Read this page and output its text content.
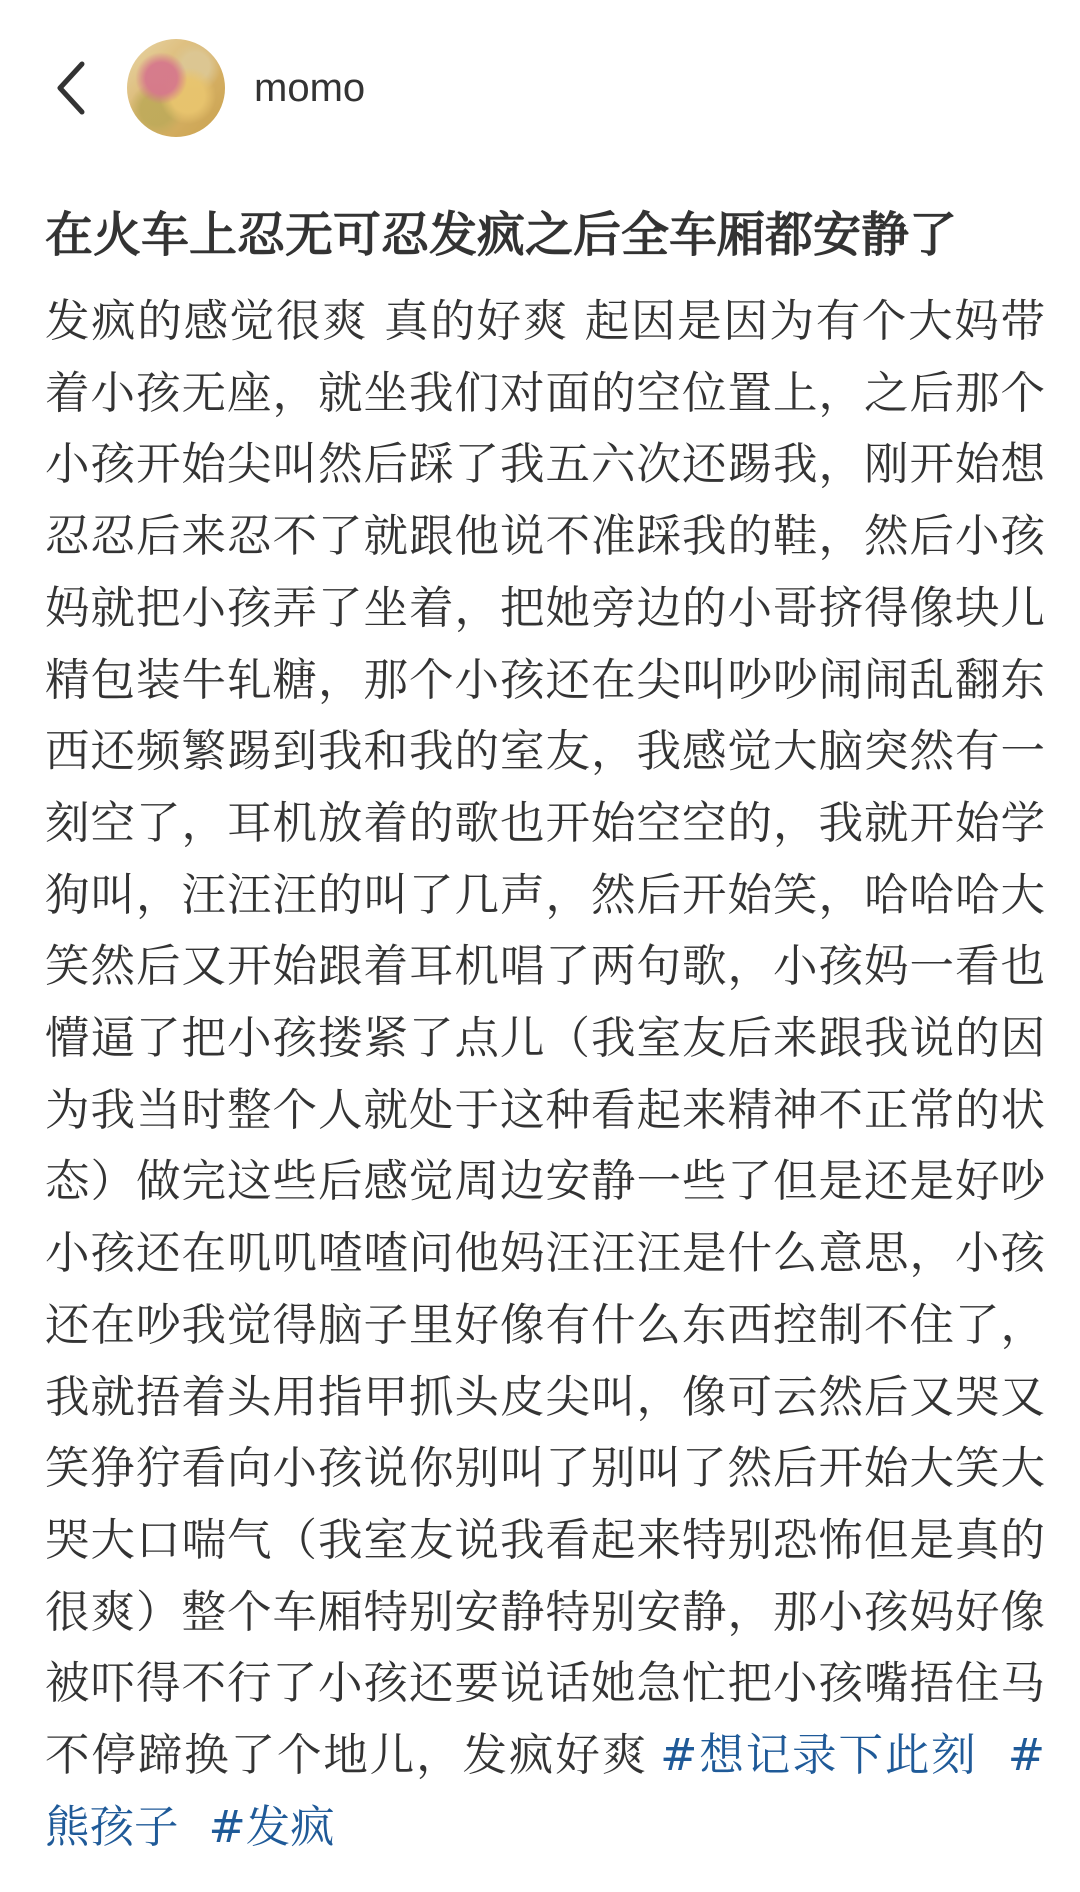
momo
在火车上忍无可忍发疯之后全车厢都安静了
发疯的感觉很爽 真的好爽 起因是因为有个大妈带着小孩无座，就坐我们对面的空位置上，之后那个小孩开始尖叫然后踩了我五六次还踢我，刚开始想忍忍后来忍不了就跟他说不准踩我的鞋，然后小孩妈就把小孩弄了坐着，把她旁边的小哥挤得像块儿精包装牛轧糖，那个小孩还在尖叫吵吵闹闹乱翻东西还频繁踢到我和我的室友，我感觉大脑突然有一刻空了，耳机放着的歌也开始空空的，我就开始学狗叫，汪汪汪的叫了几声，然后开始笑，哈哈哈大笑然后又开始跟着耳机唱了两句歌，小孩妈一看也懵逼了把小孩搂紧了点儿（我室友后来跟我说的因为我当时整个人就处于这种看起来精神不正常的状态）做完这些后感觉周边安静一些了但是还是好吵小孩还在叽叽喳喳问他妈汪汪汪是什么意思，小孩还在吵我觉得脑子里好像有什么东西控制不住了，我就捂着头用指甲抓头皮尖叫，像可云然后又哭又笑狰狞看向小孩说你别叫了别叫了然后开始大笑大哭大口喘气（我室友说我看起来特别恐怖但是真的很爽）整个车厢特别安静特别安静，那小孩妈好像被吓得不行了小孩还要说话她急忙把小孩嘴捂住马不停蹄换了个地儿，发疯好爽 #想记录下此刻 #熊孩子 #发疯
